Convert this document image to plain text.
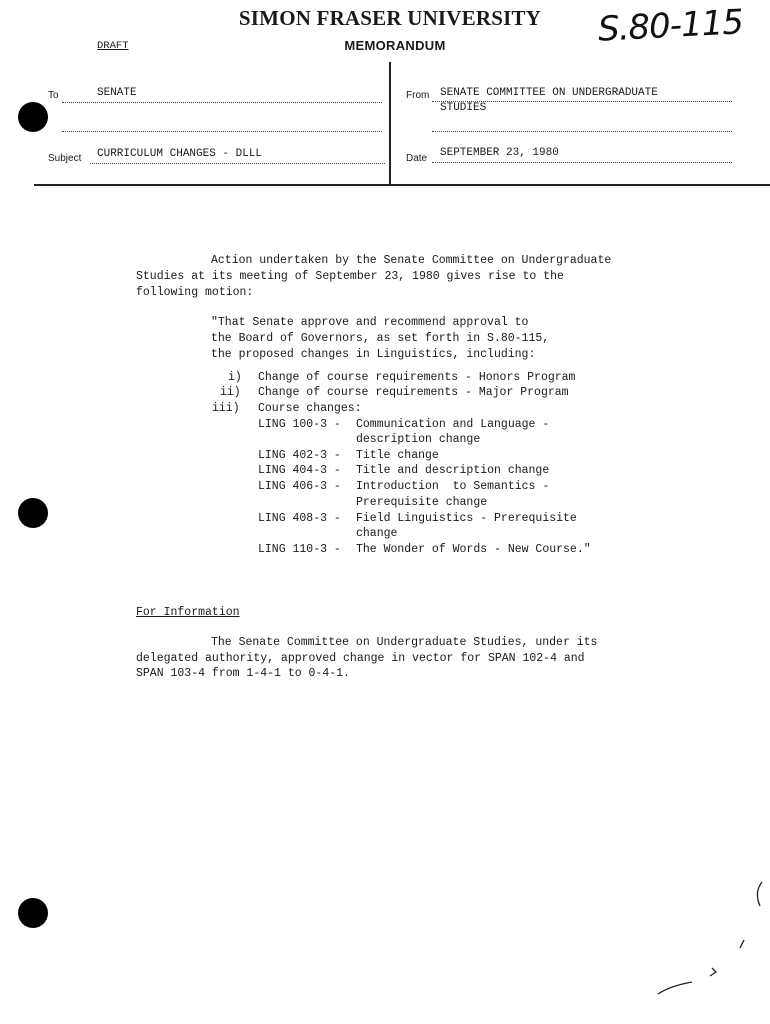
SIMON FRASER UNIVERSITY
MEMORANDUM
DRAFT	S.80-115
To	SENATE	From SENATE COMMITTEE ON UNDERGRADUATE
STUDIES
Subject CURRICULUM CHANGES - DLLL	Date SEPTEMBER 23, 1980
Action undertaken by the Senate Committee on Undergraduate
Studies at its meeting of September 23, 1980 gives rise to the
following motion:
"That Senate approve and recommend approval to
the Board of Governors, as set forth in S.80-115,
the proposed changes in Linguistics, including:
i) Change of course requirements - Honors Program
ii) Change of course requirements - Major Program
iii) Course changes:
LING 100-3 - Communication and Language -
description change
LING 402-3 - Title change
LING 404-3 - Title and description change
LING 406-3 - Introduction  to Semantics -
Prerequisite change
LING 408-3 - Field Linguistics - Prerequisite
change
LING 110-3 - The Wonder of Words - New Course."
For Information
The Senate Committee on Undergraduate Studies, under its
delegated authority, approved change in vector for SPAN 102-4 and
SPAN 103-4 from 1-4-1 to 0-4-1.
